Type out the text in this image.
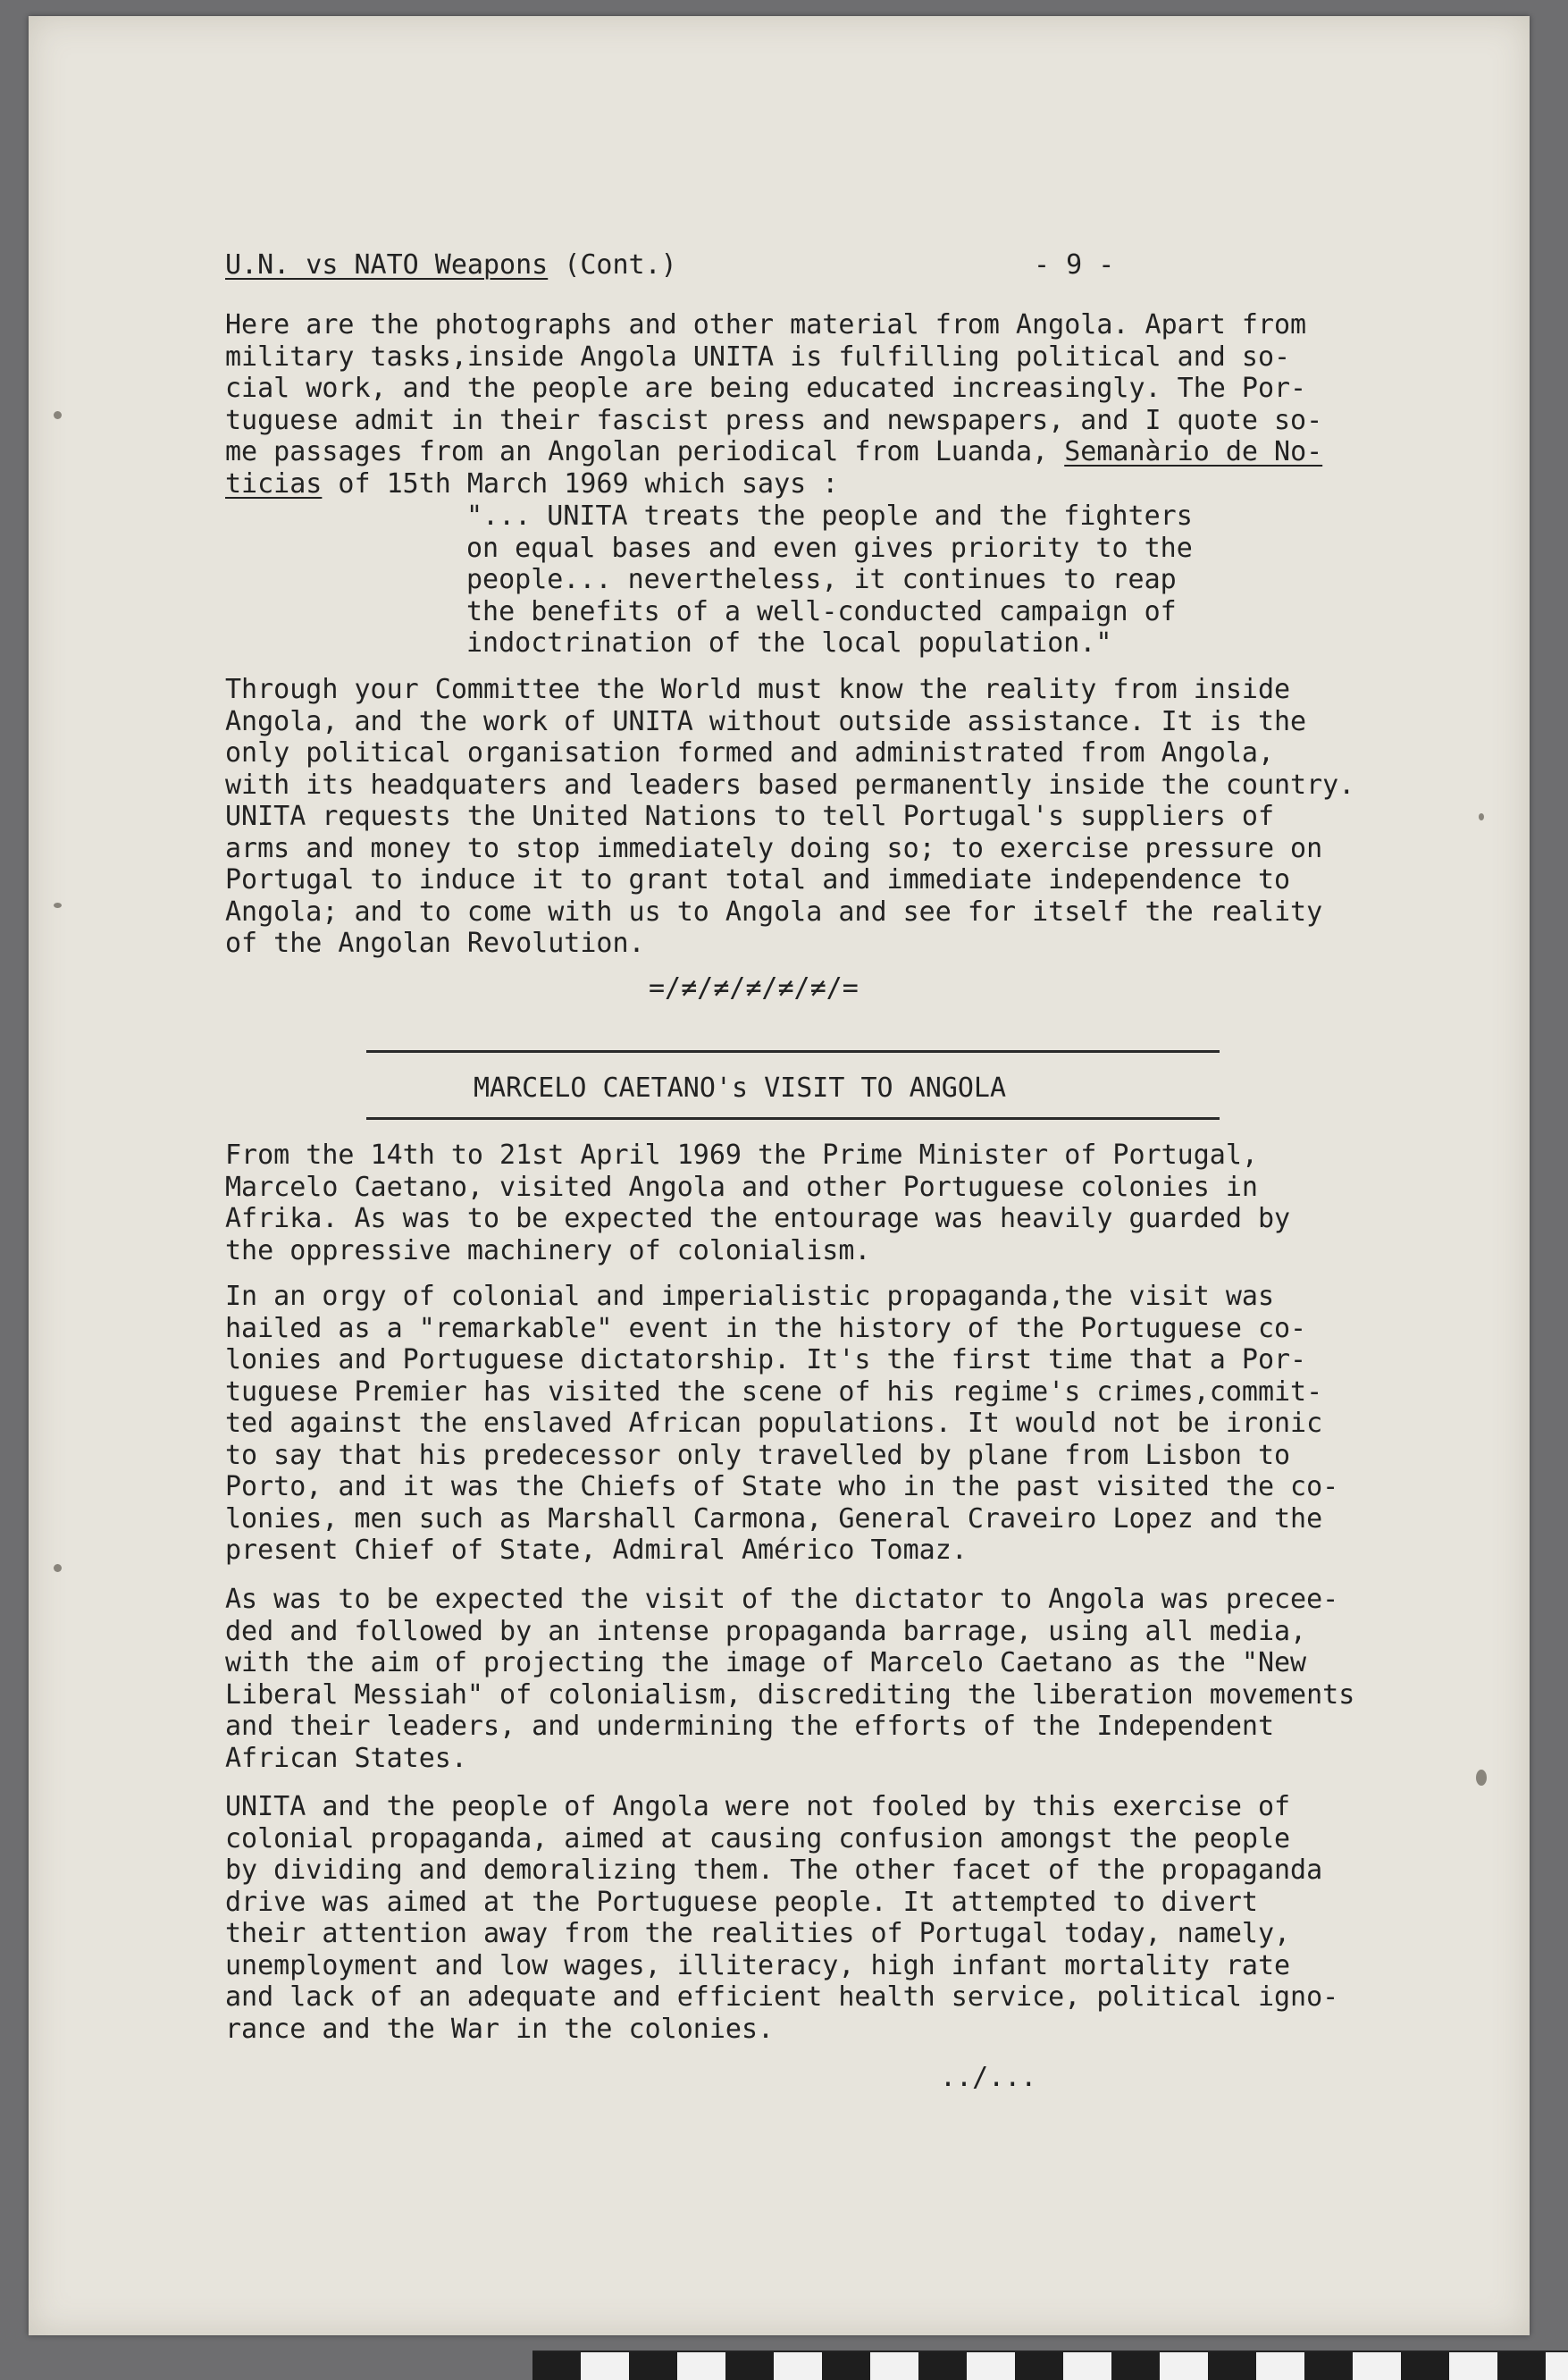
U.N. vs NATO Weapons (Cont.)	- 9 -
Here are the photographs and other material from Angola. Apart from
military tasks,inside Angola UNITA is fulfilling political and so-
cial work, and the people are being educated increasingly. The Por-
tuguese admit in their fascist press and newspapers, and I quote so-
me passages from an Angolan periodical from Luanda, Semanàrio de No-
ticias of 15th March 1969 which says :
"... UNITA treats the people and the fighters
on equal bases and even gives priority to the
people... nevertheless, it continues to reap
the benefits of a well-conducted campaign of
indoctrination of the local population."
Through your Committee the World must know the reality from inside
Angola, and the work of UNITA without outside assistance. It is the
only political organisation formed and administrated from Angola,
with its headquaters and leaders based permanently inside the country.
UNITA requests the United Nations to tell Portugal's suppliers of
arms and money to stop immediately doing so; to exercise pressure on
Portugal to induce it to grant total and immediate independence to
Angola; and to come with us to Angola and see for itself the reality
of the Angolan Revolution.
=/≠/≠/≠/≠/≠/=
MARCELO CAETANO's VISIT TO ANGOLA
From the 14th to 21st April 1969 the Prime Minister of Portugal,
Marcelo Caetano, visited Angola and other Portuguese colonies in
Afrika. As was to be expected the entourage was heavily guarded by
the oppressive machinery of colonialism.
In an orgy of colonial and imperialistic propaganda,the visit was
hailed as a "remarkable" event in the history of the Portuguese co-
lonies and Portuguese dictatorship. It's the first time that a Por-
tuguese Premier has visited the scene of his regime's crimes,commit-
ted against the enslaved African populations. It would not be ironic
to say that his predecessor only travelled by plane from Lisbon to
Porto, and it was the Chiefs of State who in the past visited the co-
lonies, men such as Marshall Carmona, General Craveiro Lopez and the
present Chief of State, Admiral Américo Tomaz.
As was to be expected the visit of the dictator to Angola was preceе-
ded and followed by an intense propaganda barrage, using all media,
with the aim of projecting the image of Marcelo Caetano as the "New
Liberal Messiah" of colonialism, discrediting the liberation movements
and their leaders, and undermining the efforts of the Independent
African States.
UNITA and the people of Angola were not fooled by this exercise of
colonial propaganda, aimed at causing confusion amongst the people
by dividing and demoralizing them. The other facet of the propaganda
drive was aimed at the Portuguese people. It attempted to divert
their attention away from the realities of Portugal today, namely,
unemployment and low wages, illiteracy, high infant mortality rate
and lack of an adequate and efficient health service, political igno-
rance and the War in the colonies.
../...
